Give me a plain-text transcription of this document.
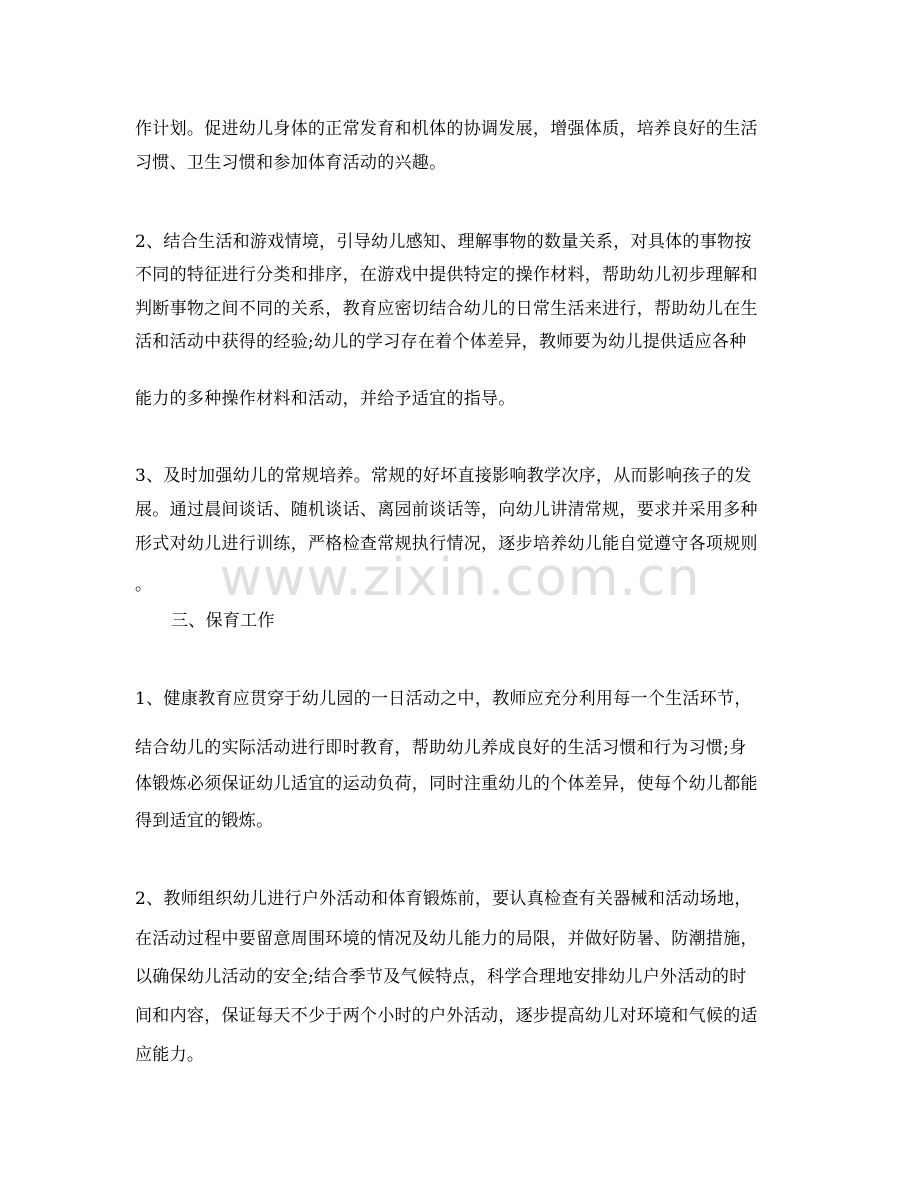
www.zixin.com.cn
作计划。促进幼儿身体的正常发育和机体的协调发展，增强体质，培养良好的生活
习惯、卫生习惯和参加体育活动的兴趣。
2、结合生活和游戏情境，引导幼儿感知、理解事物的数量关系，对具体的事物按
不同的特征进行分类和排序，在游戏中提供特定的操作材料，帮助幼儿初步理解和
判断事物之间不同的关系，教育应密切结合幼儿的日常生活来进行，帮助幼儿在生
活和活动中获得的经验;幼儿的学习存在着个体差异，教师要为幼儿提供适应各种
能力的多种操作材料和活动，并给予适宜的指导。
3、及时加强幼儿的常规培养。常规的好坏直接影响教学次序，从而影响孩子的发
展。通过晨间谈话、随机谈话、离园前谈话等，向幼儿讲清常规，要求并采用多种
形式对幼儿进行训练，严格检查常规执行情况，逐步培养幼儿能自觉遵守各项规则
。
三、保育工作
1、健康教育应贯穿于幼儿园的一日活动之中，教师应充分利用每一个生活环节，
结合幼儿的实际活动进行即时教育，帮助幼儿养成良好的生活习惯和行为习惯;身
体锻炼必须保证幼儿适宜的运动负荷，同时注重幼儿的个体差异，使每个幼儿都能
得到适宜的锻炼。
2、教师组织幼儿进行户外活动和体育锻炼前，要认真检查有关器械和活动场地，
在活动过程中要留意周围环境的情况及幼儿能力的局限，并做好防暑、防潮措施，
以确保幼儿活动的安全;结合季节及气候特点，科学合理地安排幼儿户外活动的时
间和内容，保证每天不少于两个小时的户外活动，逐步提高幼儿对环境和气候的适
应能力。
